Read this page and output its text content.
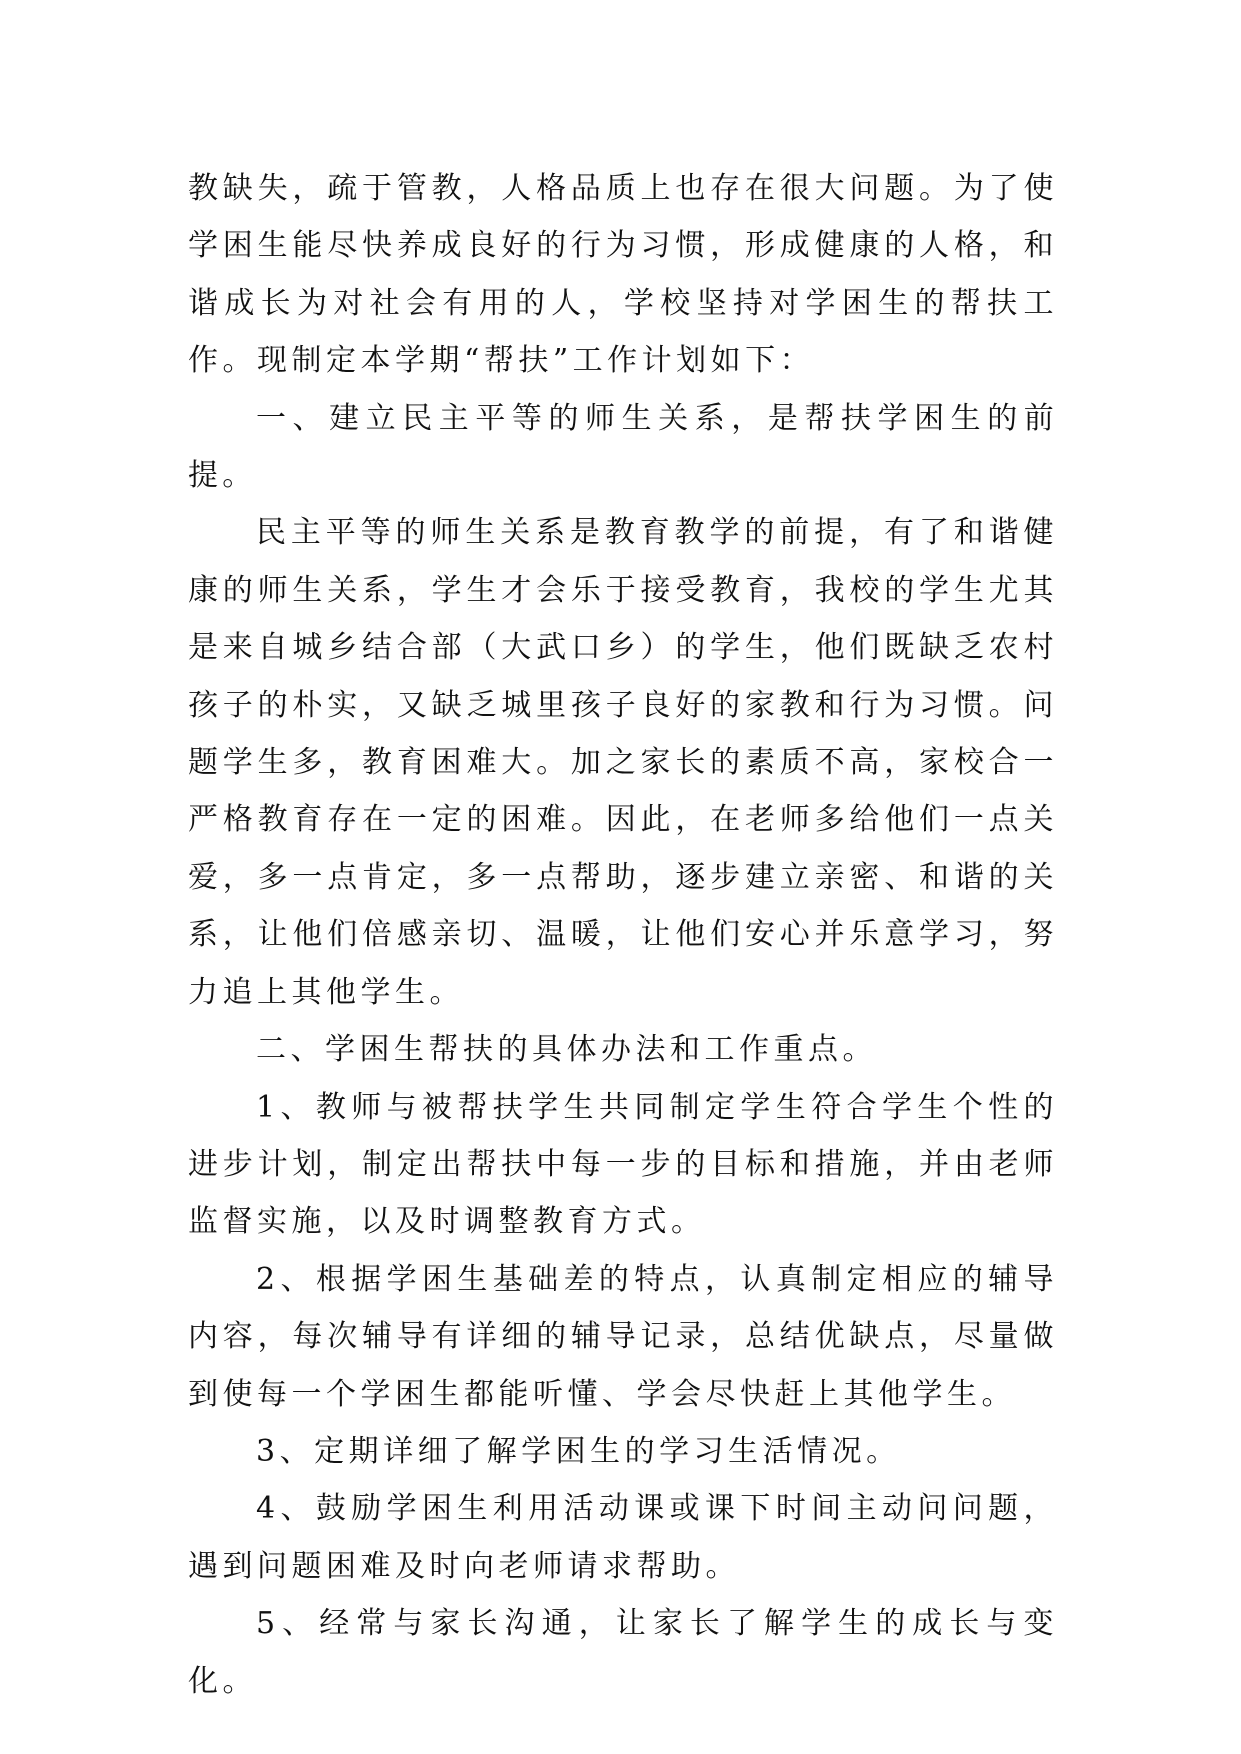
教缺失，疏于管教，人格品质上也存在很大问题。为了使学困生能尽快养成良好的行为习惯，形成健康的人格，和谐成长为对社会有用的人，学校坚持对学困生的帮扶工作。现制定本学期“帮扶”工作计划如下：

一、建立民主平等的师生关系，是帮扶学困生的前提。

民主平等的师生关系是教育教学的前提，有了和谐健康的师生关系，学生才会乐于接受教育，我校的学生尤其是来自城乡结合部（大武口乡）的学生，他们既缺乏农村孩子的朴实，又缺乏城里孩子良好的家教和行为习惯。问题学生多，教育困难大。加之家长的素质不高，家校合一严格教育存在一定的困难。因此，在老师多给他们一点关爱，多一点肯定，多一点帮助，逐步建立亲密、和谐的关系，让他们倍感亲切、温暖，让他们安心并乐意学习，努力追上其他学生。

二、学困生帮扶的具体办法和工作重点。

1、教师与被帮扶学生共同制定学生符合学生个性的进步计划，制定出帮扶中每一步的目标和措施，并由老师监督实施，以及时调整教育方式。

2、根据学困生基础差的特点，认真制定相应的辅导内容，每次辅导有详细的辅导记录，总结优缺点，尽量做到使每一个学困生都能听懂、学会尽快赶上其他学生。

3、定期详细了解学困生的学习生活情况。

4、鼓励学困生利用活动课或课下时间主动问问题，遇到问题困难及时向老师请求帮助。

5、经常与家长沟通，让家长了解学生的成长与变化。
